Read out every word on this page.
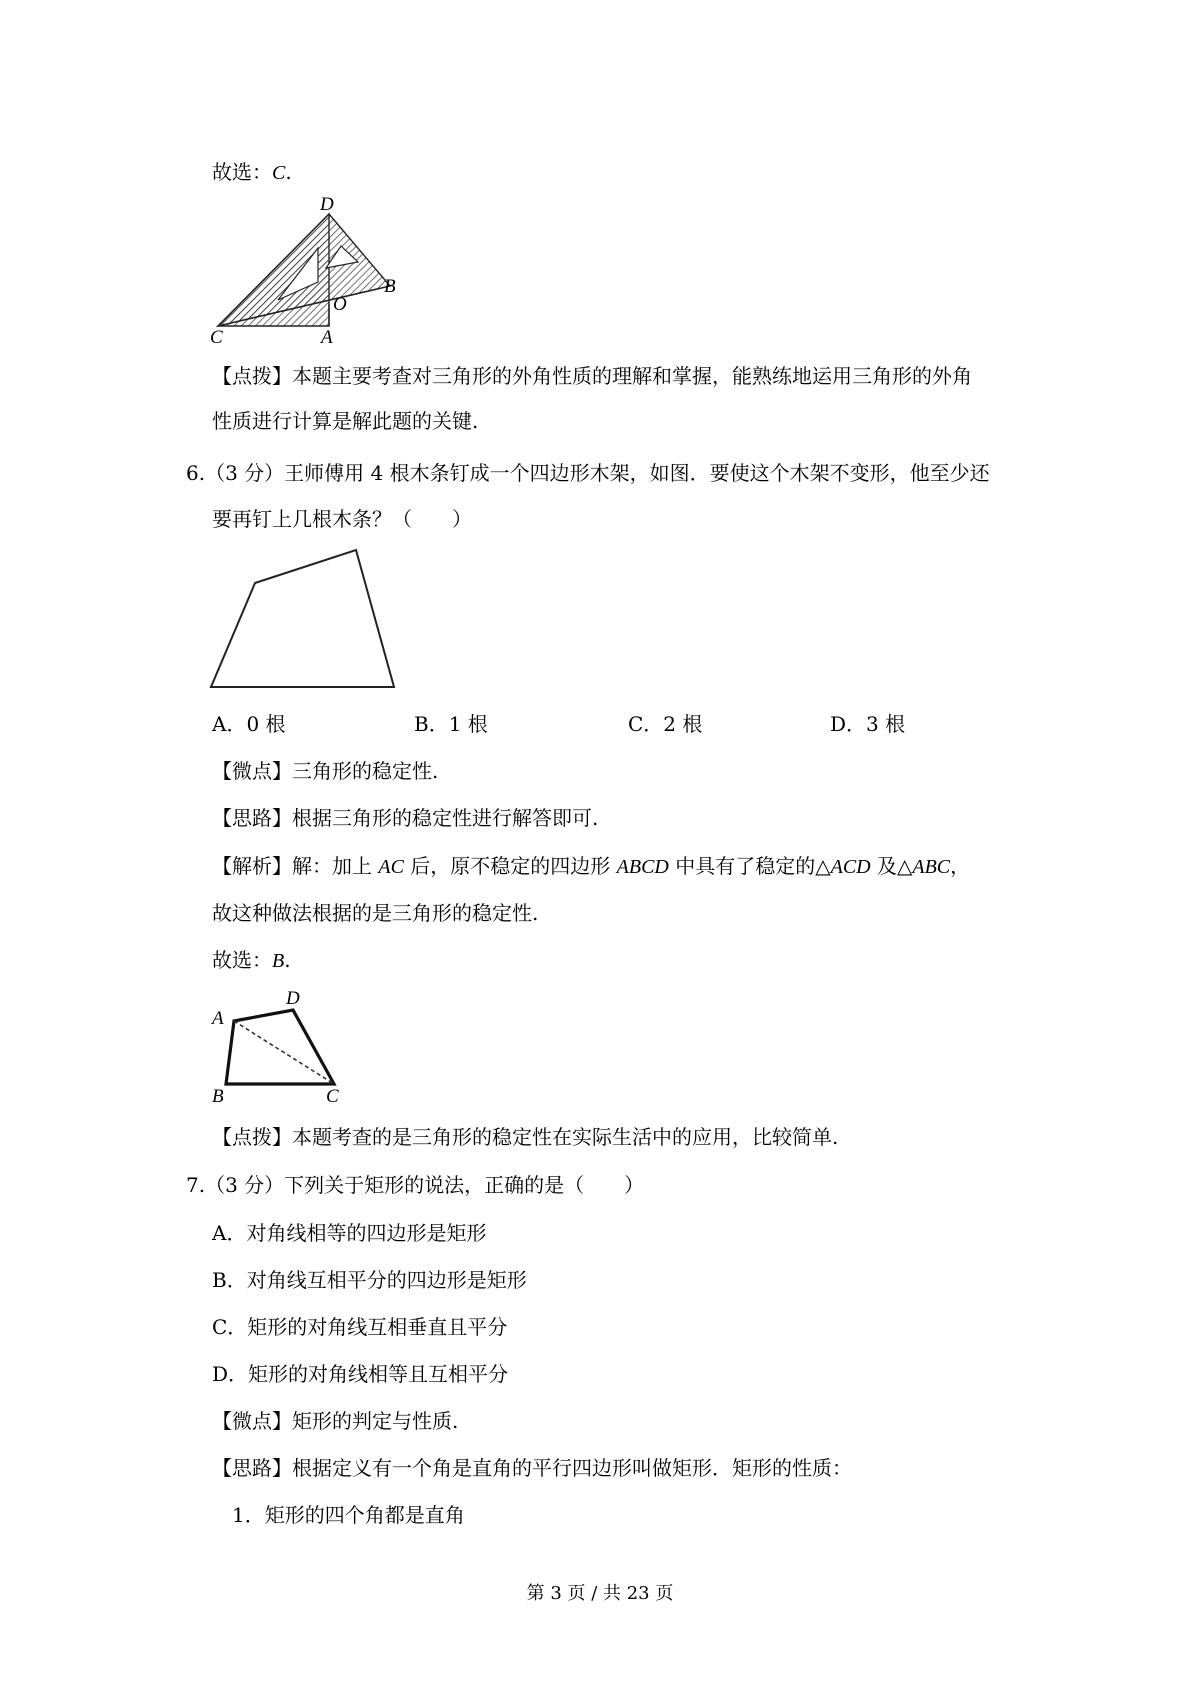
故选：C.
D
B
O
C	A
【点拨】本题主要考查对三角形的外角性质的理解和掌握，能熟练地运用三角形的外角
性质进行计算是解此题的关键.
6.（3 分）王师傅用 4 根木条钉成一个四边形木架，如图．要使这个木架不变形，他至少还
要再钉上几根木条？（　　）
A．0 根	B．1 根	C．2 根	D．3 根
【微点】三角形的稳定性.
【思路】根据三角形的稳定性进行解答即可.
【解析】解：加上 AC 后，原不稳定的四边形 ABCD 中具有了稳定的△ACD 及△ABC，
故这种做法根据的是三角形的稳定性.
故选：B.
A
D
B	C
【点拨】本题考查的是三角形的稳定性在实际生活中的应用，比较简单.
7.（3 分）下列关于矩形的说法，正确的是（　　）
A．对角线相等的四边形是矩形
B．对角线互相平分的四边形是矩形
C．矩形的对角线互相垂直且平分
D．矩形的对角线相等且互相平分
【微点】矩形的判定与性质.
【思路】根据定义有一个角是直角的平行四边形叫做矩形．矩形的性质：
1．矩形的四个角都是直角
第 3 页 / 共 23 页
